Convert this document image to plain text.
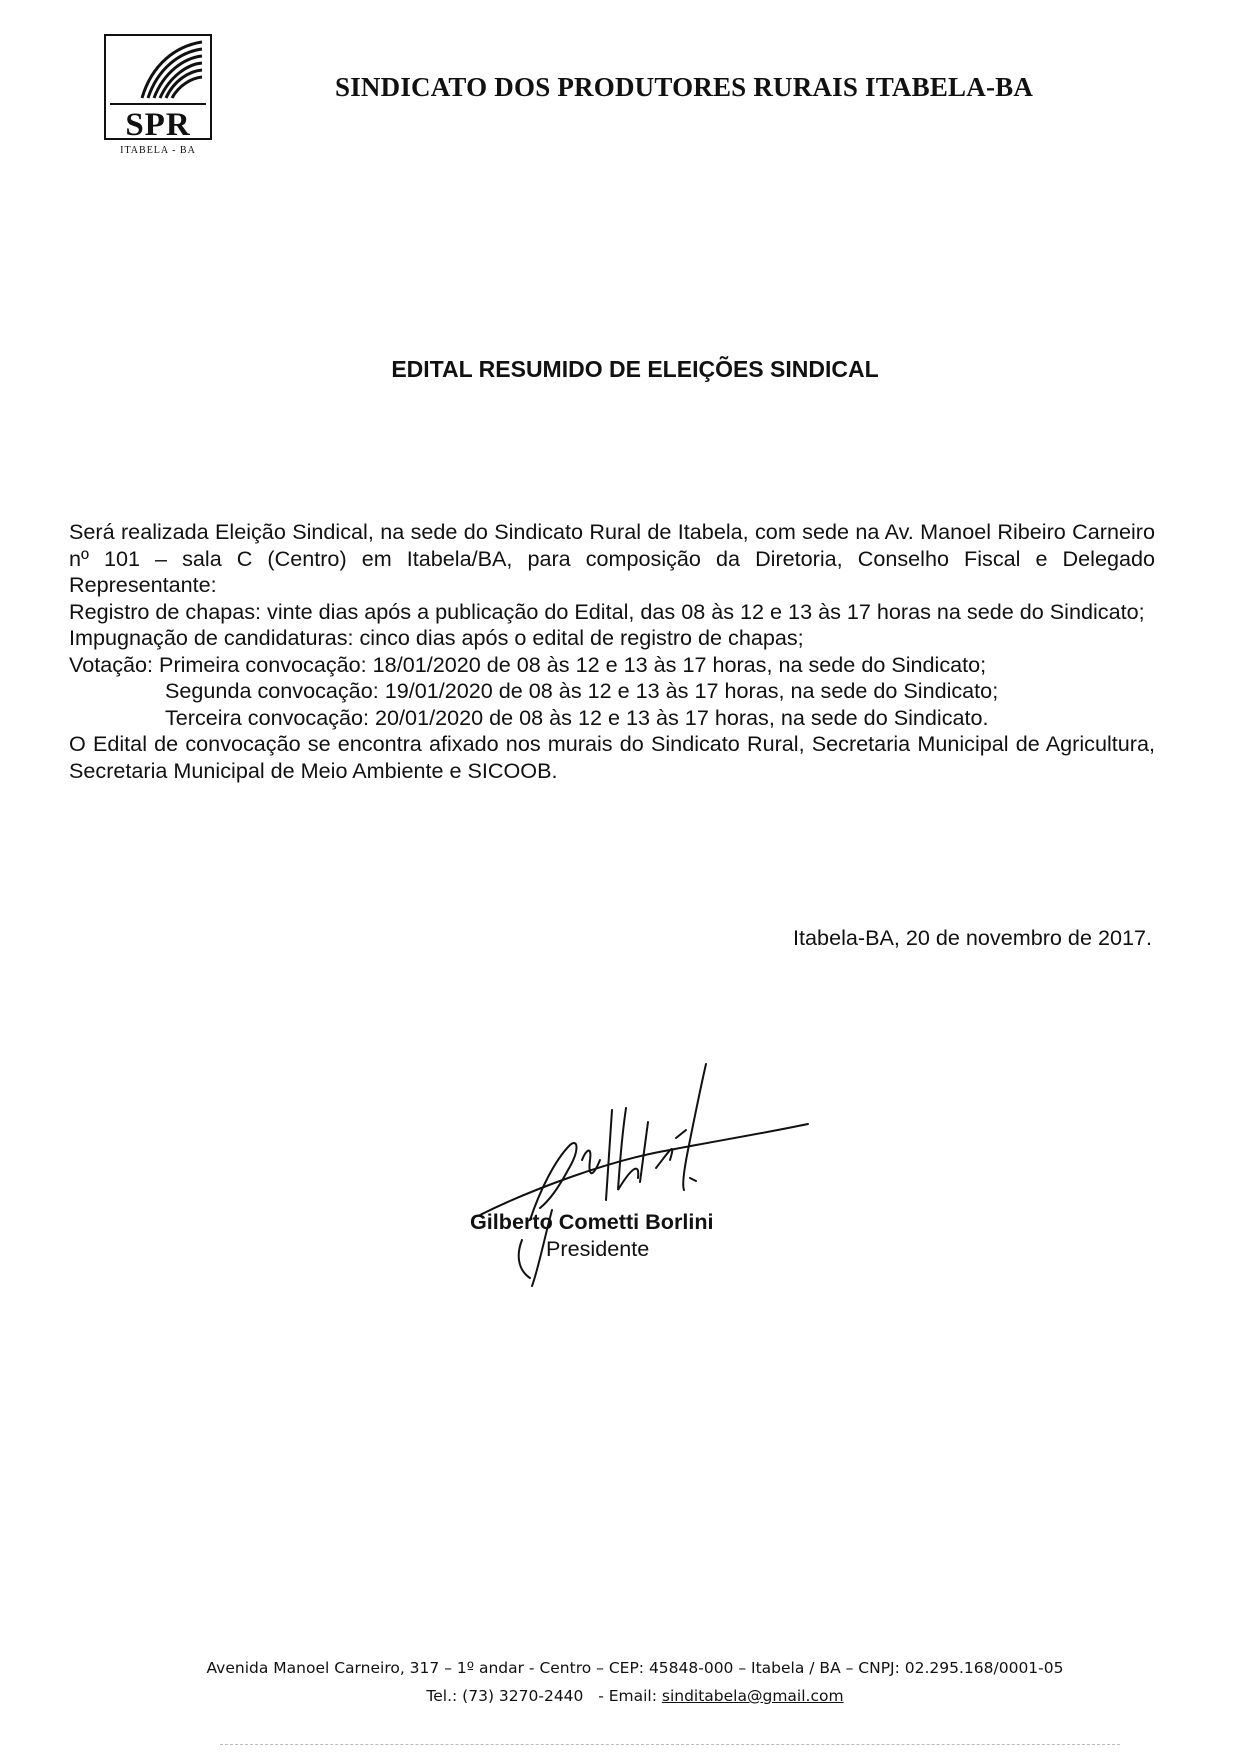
SPR
ITABELA - BA
SINDICATO DOS PRODUTORES RURAIS ITABELA-BA
EDITAL RESUMIDO DE ELEIÇÕES SINDICAL

Será realizada Eleição Sindical, na sede do Sindicato Rural de Itabela, com sede na Av. Manoel Ribeiro Carneiro nº 101 – sala C (Centro) em Itabela/BA, para composição da Diretoria, Conselho Fiscal e Delegado Representante:

Registro de chapas: vinte dias após a publicação do Edital, das 08 às 12 e 13 às 17 horas na sede do Sindicato;

Impugnação de candidaturas: cinco dias após o edital de registro de chapas;

Votação: Primeira convocação: 18/01/2020 de 08 às 12 e 13 às 17 horas, na sede do Sindicato;

Segunda convocação: 19/01/2020 de 08 às 12 e 13 às 17 horas, na sede do Sindicato;

Terceira convocação: 20/01/2020 de 08 às 12 e 13 às 17 horas, na sede do Sindicato.

O Edital de convocação se encontra afixado nos murais do Sindicato Rural, Secretaria Municipal de Agricultura, Secretaria Municipal de Meio Ambiente e SICOOB.

Itabela-BA, 20 de novembro de 2017.
Gilberto Cometti Borlini
Presidente
Avenida Manoel Carneiro, 317 – 1º andar - Centro – CEP: 45848-000 – Itabela / BA – CNPJ: 02.295.168/0001-05
Tel.: (73) 3270-2440 - Email: sinditabela@gmail.com
